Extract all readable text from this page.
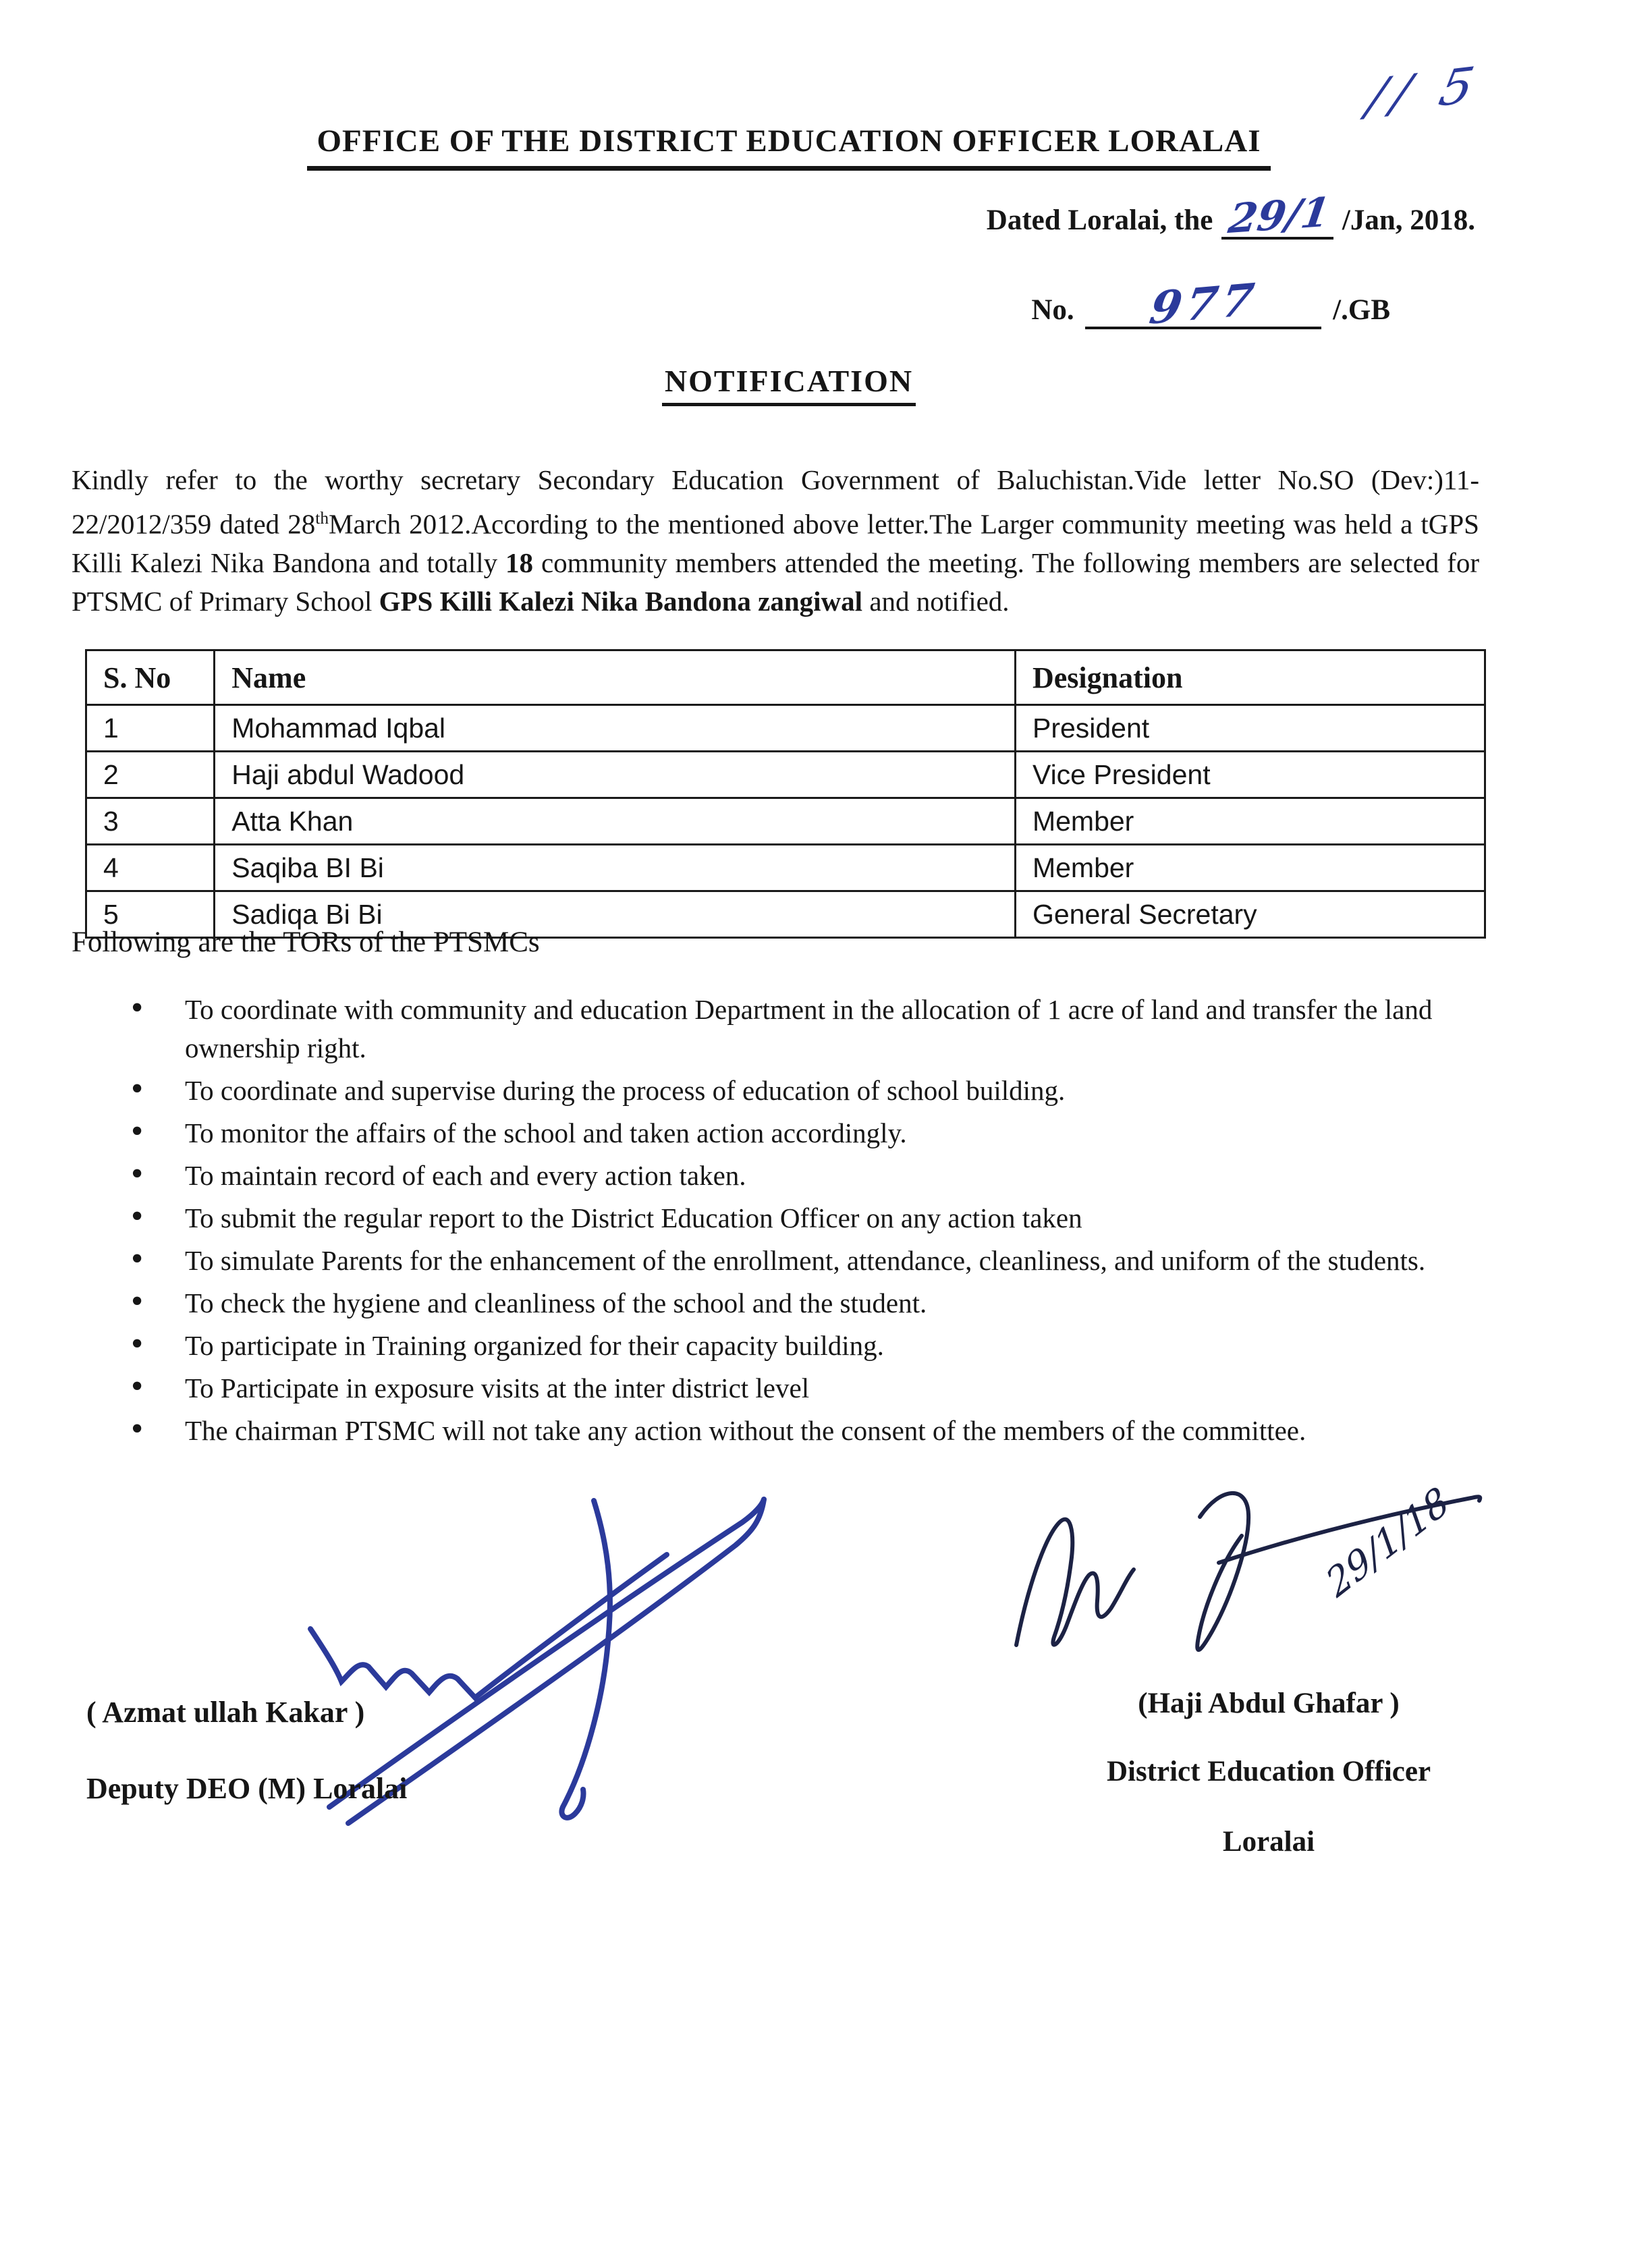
// 5
OFFICE OF THE DISTRICT EDUCATION OFFICER LORALAI
Dated Loralai, the 29/1 /Jan, 2018.
No. 977 /.GB
NOTIFICATION

Kindly refer to the worthy secretary Secondary Education Government of Baluchistan.Vide letter No.SO (Dev:)11-22/2012/359 dated 28thMarch 2012.According to the mentioned above letter.The Larger community meeting was held a tGPS Killi Kalezi Nika Bandona and totally 18 community members attended the meeting. The following members are selected for PTSMC of Primary School GPS Killi Kalezi Nika Bandona zangiwal and notified.

S. No	Name	Designation
1	Mohammad Iqbal	President
2	Haji abdul Wadood	Vice President
3	Atta Khan	Member
4	Saqiba BI Bi	Member
5	Sadiqa Bi Bi	General Secretary
Following are the TORs of the PTSMCs
• To coordinate with community and education Department in the allocation of 1 acre of land and transfer the land ownership right.
• To coordinate and supervise during the process of education of school building.
• To monitor the affairs of the school and taken action accordingly.
• To maintain record of each and every action taken.
• To submit the regular report to the District Education Officer on any action taken
• To simulate Parents for the enhancement of the enrollment, attendance, cleanliness, and uniform of the students.
• To check the hygiene and cleanliness of the school and the student.
• To participate in Training organized for their capacity building.
• To Participate in exposure visits at the inter district level
• The chairman PTSMC will not take any action without the consent of the members of the committee.
29/1/18
( Azmat ullah Kakar )
Deputy DEO (M) Loralai
(Haji Abdul Ghafar )
District Education Officer
Loralai
